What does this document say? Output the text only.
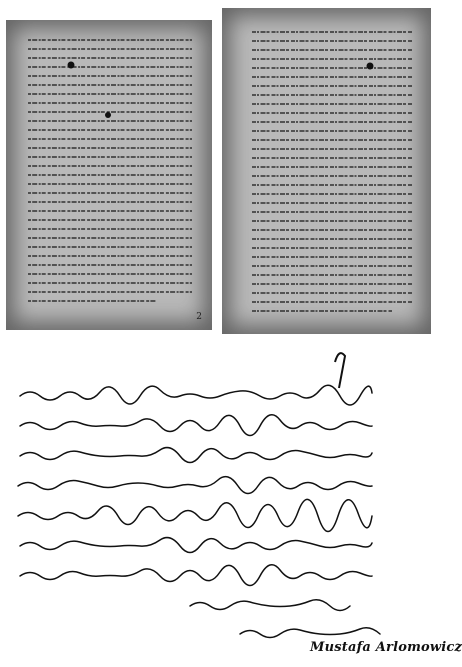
2
Mustafa Arlomowicz
